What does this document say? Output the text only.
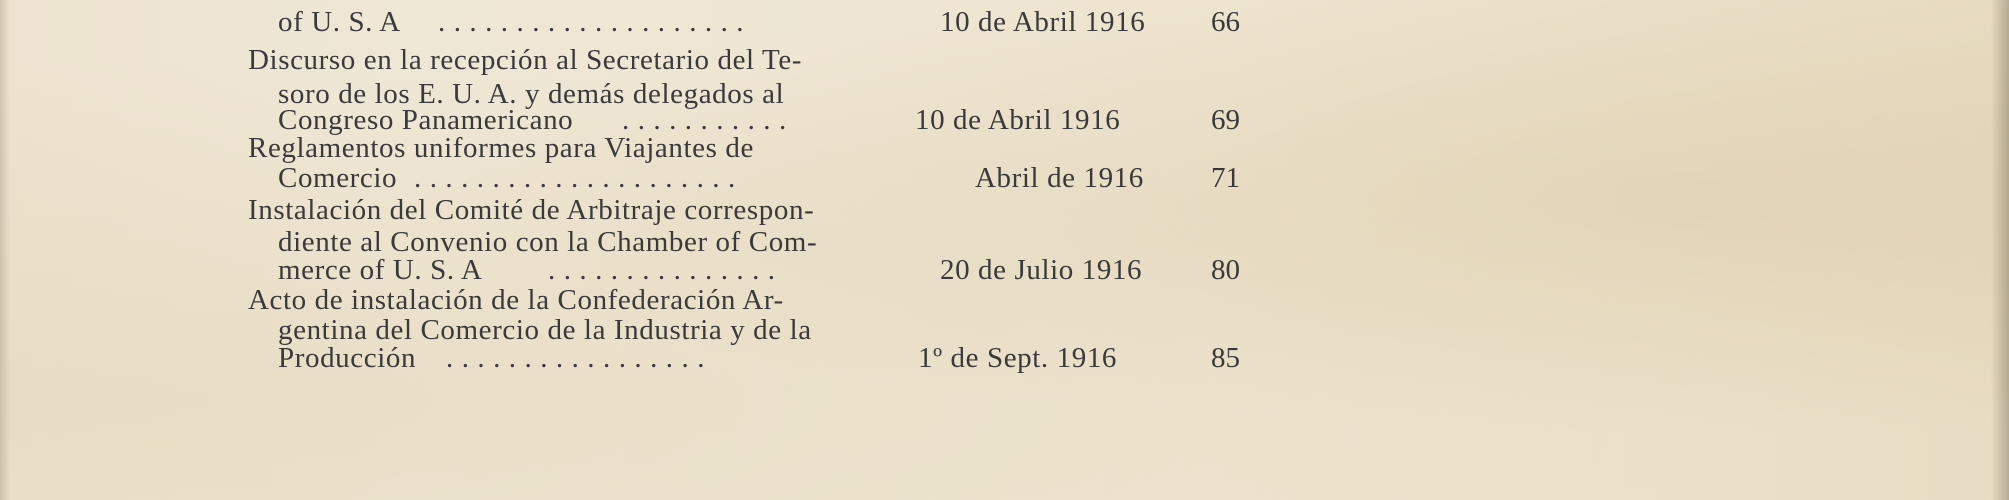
of U. S. A . . . . . . . . . . . . . . . . . . . .	10 de Abril 1916	66
Discurso en la recepción al Secretario del Te-
soro de los E. U. A. y demás delegados al
Congreso Panamericano . . . . . . . . . . .	10 de Abril 1916	69
Reglamentos uniformes para Viajantes de
Comercio . . . . . . . . . . . . . . . . . . . . .	Abril de 1916	71
Instalación del Comité de Arbitraje correspon-
diente al Convenio con la Chamber of Com-
merce of U. S. A . . . . . . . . . . . . . . .	20 de Julio 1916	80
Acto de instalación de la Confederación Ar-
gentina del Comercio de la Industria y de la
Producción . . . . . . . . . . . . . . . . .	1º de Sept. 1916	85
